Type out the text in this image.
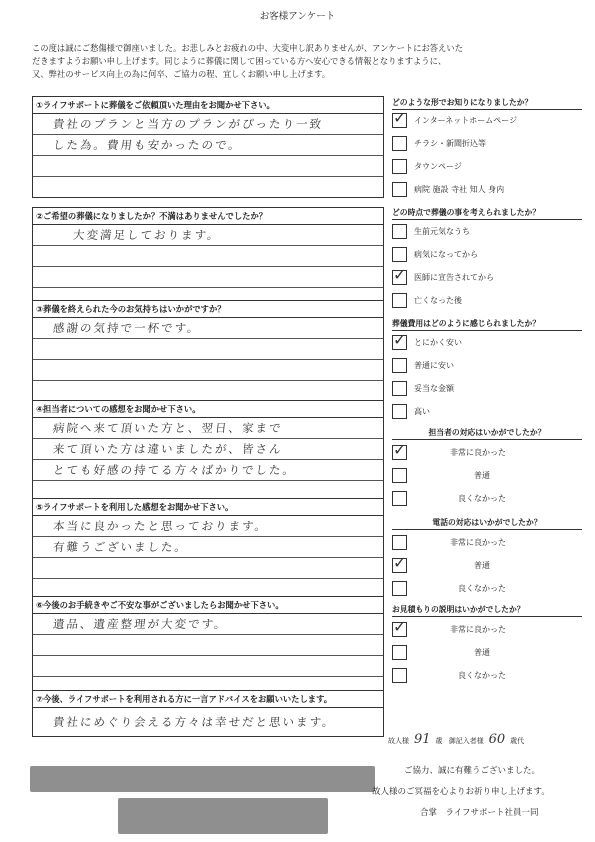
お客様アンケート
この度は誠にご愁傷様で御座いました。お悲しみとお疲れの中、大変申し訳ありませんが、アンケートにお答えいた
だきますようお願い申し上げます。同じように葬儀に関して困っている方へ安心できる情報となりますように、
又、弊社のサービス向上の為に何卒、ご協力の程、宜しくお願い申し上げます。
①ライフサポートに葬儀をご依頼頂いた理由をお聞かせ下さい。
貴社のプランと当方のプランがぴったり一致
した為。費用も安かったので。
②ご希望の葬儀になりましたか？不満はありませんでしたか？
大変満足しております。
③葬儀を終えられた今のお気持ちはいかがですか？
感謝の気持で一杯です。
④担当者についての感想をお聞かせ下さい。
病院へ来て頂いた方と、翌日、家まで
来て頂いた方は違いましたが、皆さん
とても好感の持てる方々ばかりでした。
⑤ライフサポートを利用した感想をお聞かせ下さい。
本当に良かったと思っております。
有難うございました。
⑥今後のお手続きやご不安な事がございましたらお聞かせ下さい。
遺品、遺産整理が大変です。
⑦今後、ライフサポートを利用される方に一言アドバイスをお願いいたします。
貴社にめぐり会える方々は幸せだと思います。
どのような形でお知りになりましたか？
✓ インターネットホームページ
チラシ・新聞折込等
タウンページ
病院 施設 寺社 知人 身内
どの時点で葬儀の事を考えられましたか？
生前元気なうち
病気になってから
✓ 医師に宣告されてから
亡くなった後
葬儀費用はどのように感じられましたか？
✓ とにかく安い
普通に安い
妥当な金額
高い
担当者の対応はいかがでしたか？
✓	非常に良かった
普通
良くなかった
電話の対応はいかがでしたか？
非常に良かった
✓	普通
良くなかった
お見積もりの説明はいかがでしたか？
✓	非常に良かった
普通
良くなかった
故人様 91 歳 御記入者様 60 歳代
ご協力、誠に有難うございました。
故人様のご冥福を心よりお祈り申し上げます。
合掌　ライフサポート社員一同
